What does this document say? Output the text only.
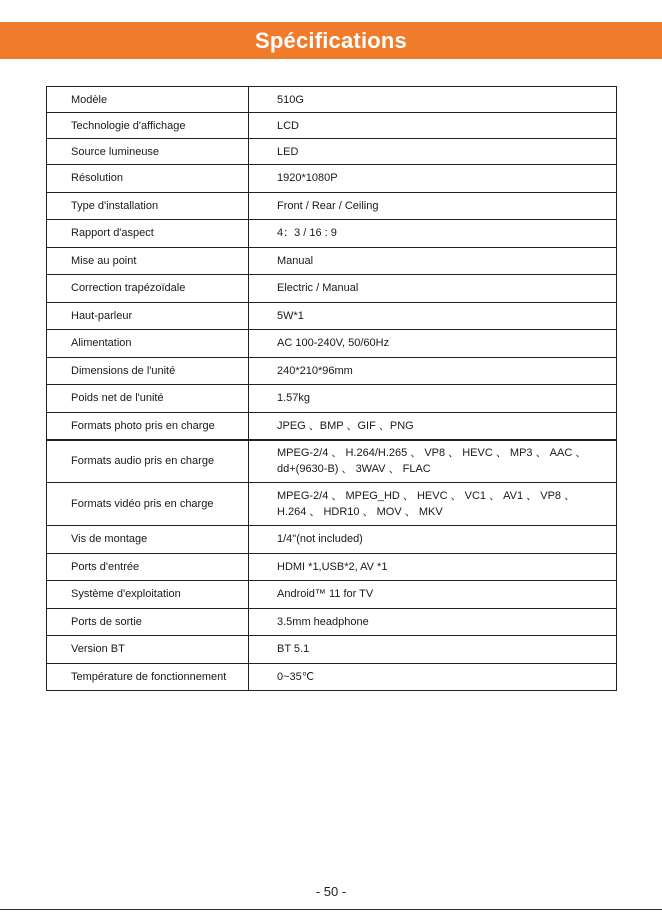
Spécifications
Modèle	510G
Technologie d'affichage	LCD
Source lumineuse	LED
Résolution	1920*1080P
Type d'installation	Front / Rear / Ceiling
Rapport d'aspect	4：3 / 16 : 9
Mise au point	Manual
Correction trapézoïdale	Electric / Manual
Haut-parleur	5W*1
Alimentation	AC 100-240V, 50/60Hz
Dimensions de l'unité	240*210*96mm
Poids net de l'unité	1.57kg
Formats photo pris en charge	JPEG 、BMP 、GIF 、PNG
Formats audio pris en charge	MPEG-2/4 、 H.264/H.265 、 VP8 、 HEVC 、 MP3 、 AAC 、
dd+(9630-B) 、 3WAV 、 FLAC

Formats vidéo pris en charge	MPEG-2/4 、 MPEG_HD 、 HEVC 、 VC1 、 AV1 、 VP8 、
H.264 、 HDR10 、 MOV 、 MKV

Vis de montage	1/4"(not included)
Ports d'entrée	HDMI *1,USB*2, AV *1
Système d'exploitation	Android™ 11 for TV
Ports de sortie	3.5mm headphone
Version BT	BT 5.1
Température de fonctionnement	0~35℃
- 50 -
